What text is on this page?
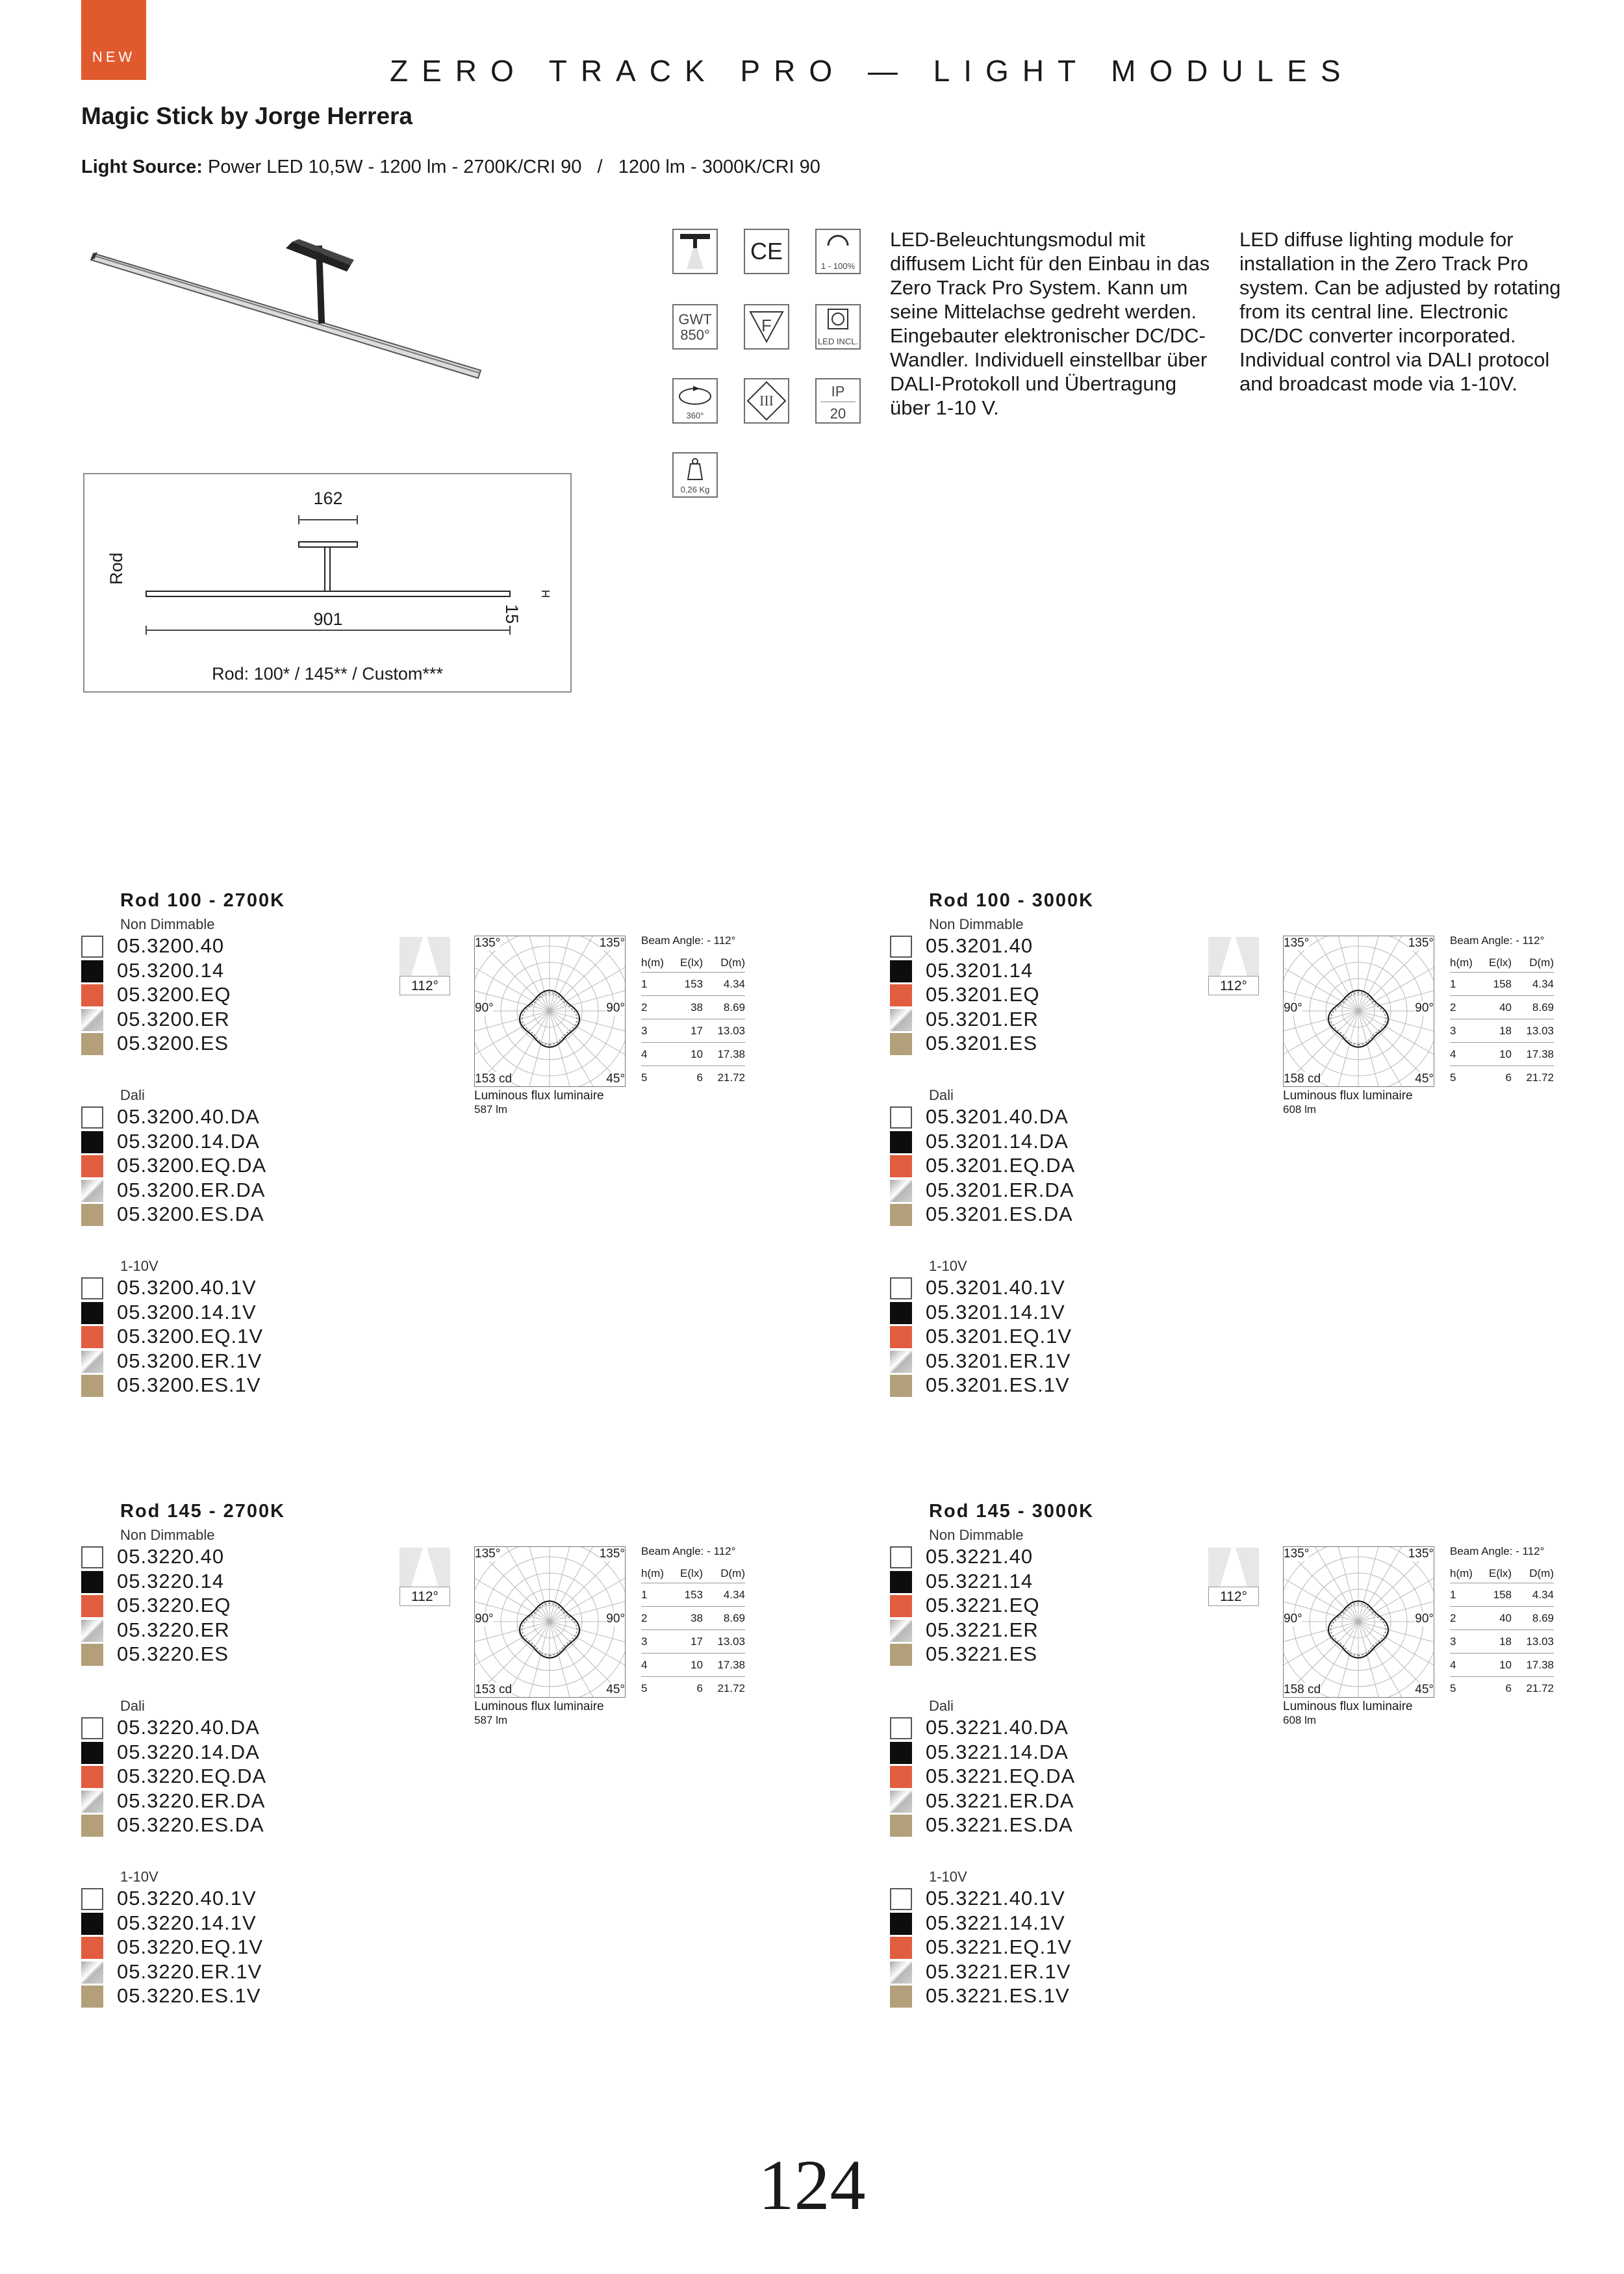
NEW	ZERO TRACK PRO — LIGHT MODULES
Magic Stick by Jorge Herrera
Light Source: Power LED 10,5W - 1200 lm - 2700K/CRI 90   /   1200 lm - 3000K/CRI 90
162
Rod
901	15
Rod: 100* / 145** / Custom***
CE
1 - 100%
GWT
850°	F
LED INCL.
360°
III
IP
20
0,26 Kg
LED-Beleuchtungsmodul mit diffusem Licht für den Einbau in das Zero Track Pro System. Kann um seine Mittelachse gedreht werden. Eingebauter elektronischer DC/DC-Wandler. Individuell einstellbar über DALI-Protokoll und Übertragung über 1-10 V.
LED diffuse lighting module for installation in the Zero Track Pro system. Can be adjusted by rotating from its central line. Electronic DC/DC converter incorporated. Individual control via DALI protocol and broadcast mode via 1-10V.
Rod 100 - 2700K
Non Dimmable
05.3200.40
05.3200.14
05.3200.EQ
05.3200.ER
05.3200.ES
Dali
05.3200.40.DA
05.3200.14.DA
05.3200.EQ.DA
05.3200.ER.DA
05.3200.ES.DA
1-10V
05.3200.40.1V
05.3200.14.1V
05.3200.EQ.1V
05.3200.ER.1V
05.3200.ES.1V
112°
135°	135°
90°	90°
153 cd	45°
Luminous flux luminaire
587 lm
Beam Angle: - 112°
h(m)	E(lx)	D(m)
1	153	4.34
2	38	8.69
3	17	13.03
4	10	17.38
5	6	21.72
Rod 100 - 3000K
Non Dimmable
05.3201.40
05.3201.14
05.3201.EQ
05.3201.ER
05.3201.ES
Dali
05.3201.40.DA
05.3201.14.DA
05.3201.EQ.DA
05.3201.ER.DA
05.3201.ES.DA
1-10V
05.3201.40.1V
05.3201.14.1V
05.3201.EQ.1V
05.3201.ER.1V
05.3201.ES.1V
112°
135°	135°
90°	90°
158 cd	45°
Luminous flux luminaire
608 lm
Beam Angle: - 112°
h(m)	E(lx)	D(m)
1	158	4.34
2	40	8.69
3	18	13.03
4	10	17.38
5	6	21.72
Rod 145 - 2700K
Non Dimmable
05.3220.40
05.3220.14
05.3220.EQ
05.3220.ER
05.3220.ES
Dali
05.3220.40.DA
05.3220.14.DA
05.3220.EQ.DA
05.3220.ER.DA
05.3220.ES.DA
1-10V
05.3220.40.1V
05.3220.14.1V
05.3220.EQ.1V
05.3220.ER.1V
05.3220.ES.1V
112°
135°	135°
90°	90°
153 cd	45°
Luminous flux luminaire
587 lm
Beam Angle: - 112°
h(m)	E(lx)	D(m)
1	153	4.34
2	38	8.69
3	17	13.03
4	10	17.38
5	6	21.72
Rod 145 - 3000K
Non Dimmable
05.3221.40
05.3221.14
05.3221.EQ
05.3221.ER
05.3221.ES
Dali
05.3221.40.DA
05.3221.14.DA
05.3221.EQ.DA
05.3221.ER.DA
05.3221.ES.DA
1-10V
05.3221.40.1V
05.3221.14.1V
05.3221.EQ.1V
05.3221.ER.1V
05.3221.ES.1V
112°
135°	135°
90°	90°
158 cd	45°
Luminous flux luminaire
608 lm
Beam Angle: - 112°
h(m)	E(lx)	D(m)
1	158	4.34
2	40	8.69
3	18	13.03
4	10	17.38
5	6	21.72
124
